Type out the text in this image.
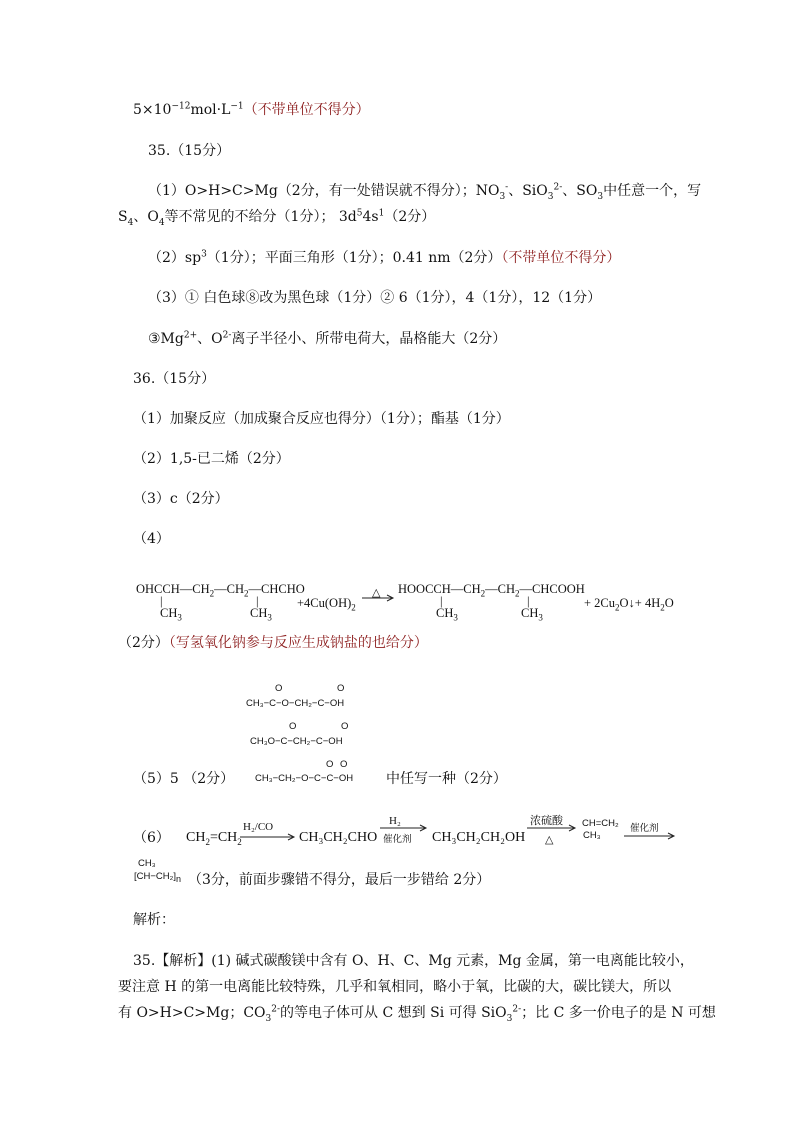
$5\times 10^{-12}mol\cdot L^{-1}$（不带单位不得分）
35.（15分）
（1）O>H>C>Mg（2分，有一处错误就不得分）；$NO_3^-$、SiO$_3^{2-}$、$SO_3$中任意一个，写
$S_4$、$O_4$等不常见的不给分（1分）； $3d^54s^1(2$分）
$(2)sp^3(1$分）；平面三角形（1分）；0.41 nm（2分）（不带单位不得分）
（3）① 白色球⑧改为黑色球（1分）② 6（1分），4（1分），12（1分）
$③Mg^{2+}$、$O^{2-}$离子半径小、所带电荷大，晶格能大（2分）
36.（15分）
（1）加聚反应（加成聚合反应也得分）（1分）；酯基（1分）
（2）1,5-已二烯（2分）
（3）c（2分）
（4）
$OHCCH—CH_2—CH_2—CHCHO$
|	|
$CH_3$	$CH_3$
$+4Cu(OH)_2$
△ $HOOCCH—CH_2—CH_2—CHCOOH$
|	|
$CH_3$	$CH_3$
+ $2Cu_2O↓+ 4H_2O$
（2分）（写氢氧化钠参与反应生成钠盐的也给分）
O	O
CH₃−C−O−CH₂−C−OH
O	O
CH₃O−C−CH₂−C−OH
O O
CH₃−CH₂−O−C−C−OH
（5）5 （2分）	中任写一种（2分）
（6） $CH_2=CH_2$
H₂/CO
CH₃CH₂CHO
H₂
催化剂 CH₃CH₂CH₂OH
浓硫酸
△
CH=CH₂
CH₃
催化剂
CH₃
$[CH-CH_2]_n$ （3分，前面步骤错不得分，最后一步错给 2分）
解析：
35.【解析】(1) 碱式碳酸镁中含有 O、H、C、Mg 元素，Mg 金属，第一电离能比较小，
要注意 H 的第一电离能比较特殊，几乎和氧相同，略小于氧，比碳的大，碳比镁大，所以
有 O>H>C>Mg；$CO_3^{2-}$的等电子体可从 C 想到 Si 可得 SiO$_3^{2-}$；比 C 多一价电子的是 N 可想
